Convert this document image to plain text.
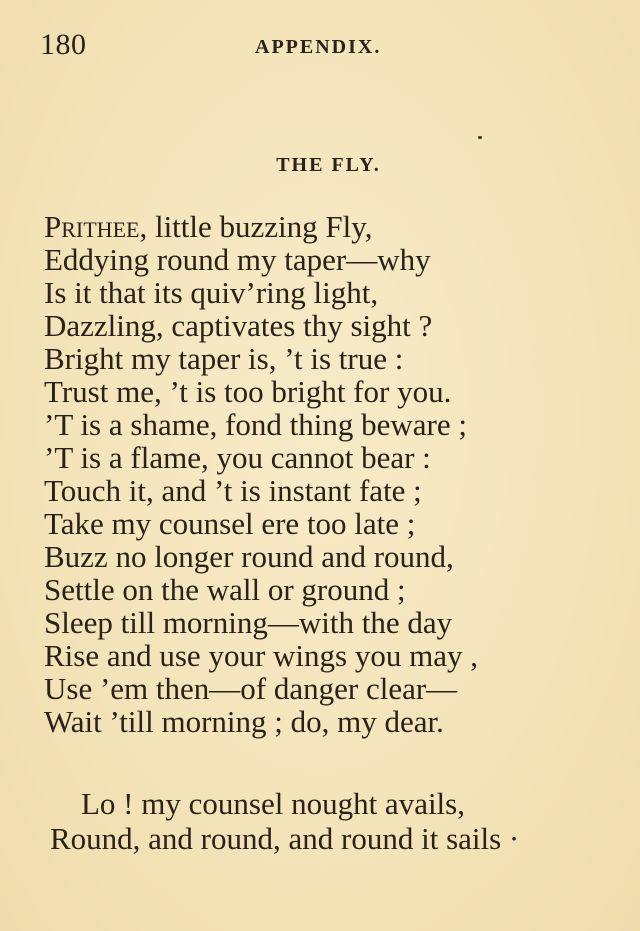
180	APPENDIX.
THE FLY.
Prithee, little buzzing Fly,
Eddying round my taper—why
Is it that its quiv’ring light,
Dazzling, captivates thy sight ?
Bright my taper is, ’t is true :
Trust me, ’t is too bright for you.
’T is a shame, fond thing beware ;
’T is a flame, you cannot bear :
Touch it, and ’t is instant fate ;
Take my counsel ere too late ;
Buzz no longer round and round,
Settle on the wall or ground ;
Sleep till morning—with the day
Rise and use your wings you may ,
Use ’em then—of danger clear—
Wait ’till morning ; do, my dear.
Lo ! my counsel nought avails,
Round, and round, and round it sails ·
